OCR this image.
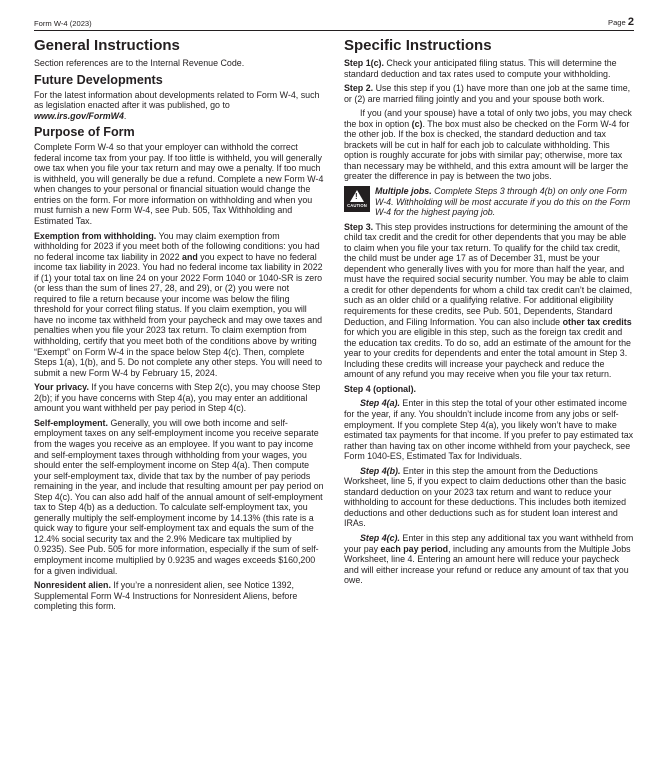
Form W-4 (2023)	Page 2
General Instructions

Section references are to the Internal Revenue Code.

Future Developments

For the latest information about developments related to Form W-4, such as legislation enacted after it was published, go to www.irs.gov/FormW4.

Purpose of Form

Complete Form W-4 so that your employer can withhold the correct federal income tax from your pay. If too little is withheld, you will generally owe tax when you file your tax return and may owe a penalty. If too much is withheld, you will generally be due a refund. Complete a new Form W-4 when changes to your personal or financial situation would change the entries on the form. For more information on withholding and when you must furnish a new Form W-4, see Pub. 505, Tax Withholding and Estimated Tax.

Exemption from withholding. You may claim exemption from withholding for 2023 if you meet both of the following conditions: you had no federal income tax liability in 2022 and you expect to have no federal income tax liability in 2023. You had no federal income tax liability in 2022 if (1) your total tax on line 24 on your 2022 Form 1040 or 1040-SR is zero (or less than the sum of lines 27, 28, and 29), or (2) you were not required to file a return because your income was below the filing threshold for your correct filing status. If you claim exemption, you will have no income tax withheld from your paycheck and may owe taxes and penalties when you file your 2023 tax return. To claim exemption from withholding, certify that you meet both of the conditions above by writing “Exempt” on Form W-4 in the space below Step 4(c). Then, complete Steps 1(a), 1(b), and 5. Do not complete any other steps. You will need to submit a new Form W-4 by February 15, 2024.

Your privacy. If you have concerns with Step 2(c), you may choose Step 2(b); if you have concerns with Step 4(a), you may enter an additional amount you want withheld per pay period in Step 4(c).

Self-employment. Generally, you will owe both income and self-employment taxes on any self-employment income you receive separate from the wages you receive as an employee. If you want to pay income and self-employment taxes through withholding from your wages, you should enter the self-employment income on Step 4(a). Then compute your self-employment tax, divide that tax by the number of pay periods remaining in the year, and include that resulting amount per pay period on Step 4(c). You can also add half of the annual amount of self-employment tax to Step 4(b) as a deduction. To calculate self-employment tax, you generally multiply the self-employment income by 14.13% (this rate is a quick way to figure your self-employment tax and equals the sum of the 12.4% social security tax and the 2.9% Medicare tax multiplied by 0.9235). See Pub. 505 for more information, especially if the sum of self-employment income multiplied by 0.9235 and wages exceeds $160,200 for a given individual.

Nonresident alien. If you’re a nonresident alien, see Notice 1392, Supplemental Form W-4 Instructions for Nonresident Aliens, before completing this form.

Specific Instructions

Step 1(c). Check your anticipated filing status. This will determine the standard deduction and tax rates used to compute your withholding.

Step 2. Use this step if you (1) have more than one job at the same time, or (2) are married filing jointly and you and your spouse both work.

If you (and your spouse) have a total of only two jobs, you may check the box in option (c). The box must also be checked on the Form W-4 for the other job. If the box is checked, the standard deduction and tax brackets will be cut in half for each job to calculate withholding. This option is roughly accurate for jobs with similar pay; otherwise, more tax than necessary may be withheld, and this extra amount will be larger the greater the difference in pay is between the two jobs.

!
CAUTION
Multiple jobs. Complete Steps 3 through 4(b) on only one Form W-4. Withholding will be most accurate if you do this on the Form W-4 for the highest paying job.

Step 3. This step provides instructions for determining the amount of the child tax credit and the credit for other dependents that you may be able to claim when you file your tax return. To qualify for the child tax credit, the child must be under age 17 as of December 31, must be your dependent who generally lives with you for more than half the year, and must have the required social security number. You may be able to claim a credit for other dependents for whom a child tax credit can’t be claimed, such as an older child or a qualifying relative. For additional eligibility requirements for these credits, see Pub. 501, Dependents, Standard Deduction, and Filing Information. You can also include other tax credits for which you are eligible in this step, such as the foreign tax credit and the education tax credits. To do so, add an estimate of the amount for the year to your credits for dependents and enter the total amount in Step 3. Including these credits will increase your paycheck and reduce the amount of any refund you may receive when you file your tax return.

Step 4 (optional).

Step 4(a). Enter in this step the total of your other estimated income for the year, if any. You shouldn’t include income from any jobs or self-employment. If you complete Step 4(a), you likely won’t have to make estimated tax payments for that income. If you prefer to pay estimated tax rather than having tax on other income withheld from your paycheck, see Form 1040-ES, Estimated Tax for Individuals.

Step 4(b). Enter in this step the amount from the Deductions Worksheet, line 5, if you expect to claim deductions other than the basic standard deduction on your 2023 tax return and want to reduce your withholding to account for these deductions. This includes both itemized deductions and other deductions such as for student loan interest and IRAs.

Step 4(c). Enter in this step any additional tax you want withheld from your pay each pay period, including any amounts from the Multiple Jobs Worksheet, line 4. Entering an amount here will reduce your paycheck and will either increase your refund or reduce any amount of tax that you owe.
